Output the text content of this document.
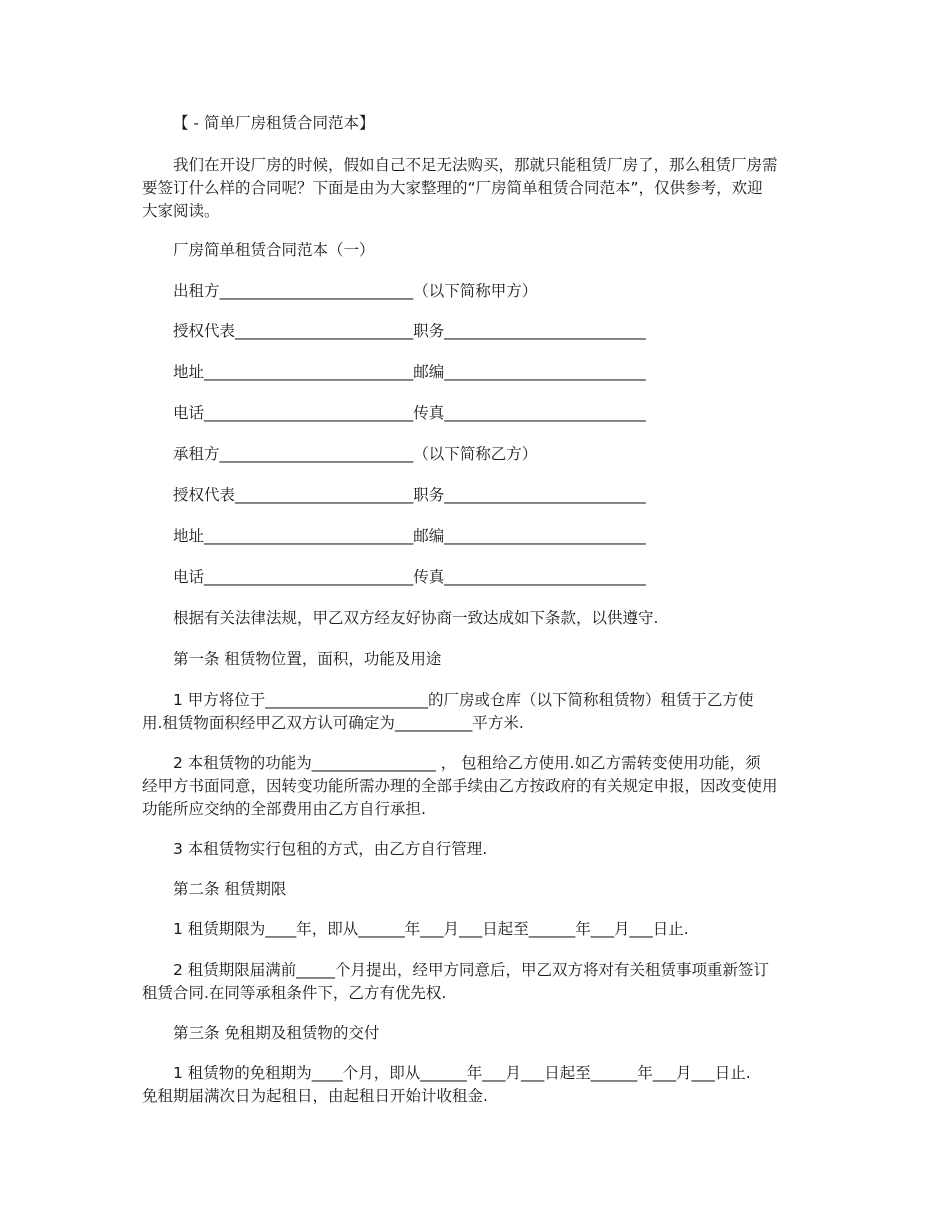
【 - 简单厂房租赁合同范本】
我们在开设厂房的时候，假如自己不足无法购买，那就只能租赁厂房了，那么租赁厂房需
要签订什么样的合同呢？下面是由为大家整理的“厂房简单租赁合同范本”，仅供参考，欢迎
大家阅读。
厂房简单租赁合同范本（一）
出租方_________________________（以下简称甲方）
授权代表_______________________职务__________________________
地址___________________________邮编__________________________
电话___________________________传真__________________________
承租方_________________________（以下简称乙方）
授权代表_______________________职务__________________________
地址___________________________邮编__________________________
电话___________________________传真__________________________
根据有关法律法规，甲乙双方经友好协商一致达成如下条款，以供遵守.
第一条 租赁物位置，面积，功能及用途
1 甲方将位于_____________________的厂房或仓库（以下简称租赁物）租赁于乙方使
用.租赁物面积经甲乙双方认可确定为__________平方米.
2 本租赁物的功能为________________ ， 包租给乙方使用.如乙方需转变使用功能，须
经甲方书面同意，因转变功能所需办理的全部手续由乙方按政府的有关规定申报，因改变使用
功能所应交纳的全部费用由乙方自行承担.
3 本租赁物实行包租的方式，由乙方自行管理.
第二条 租赁期限
1 租赁期限为____年，即从______年___月___日起至______年___月___日止.
2 租赁期限届满前_____个月提出，经甲方同意后，甲乙双方将对有关租赁事项重新签订
租赁合同.在同等承租条件下，乙方有优先权.
第三条 免租期及租赁物的交付
1 租赁物的免租期为____个月，即从______年___月___日起至______年___月___日止.
免租期届满次日为起租日，由起租日开始计收租金.
